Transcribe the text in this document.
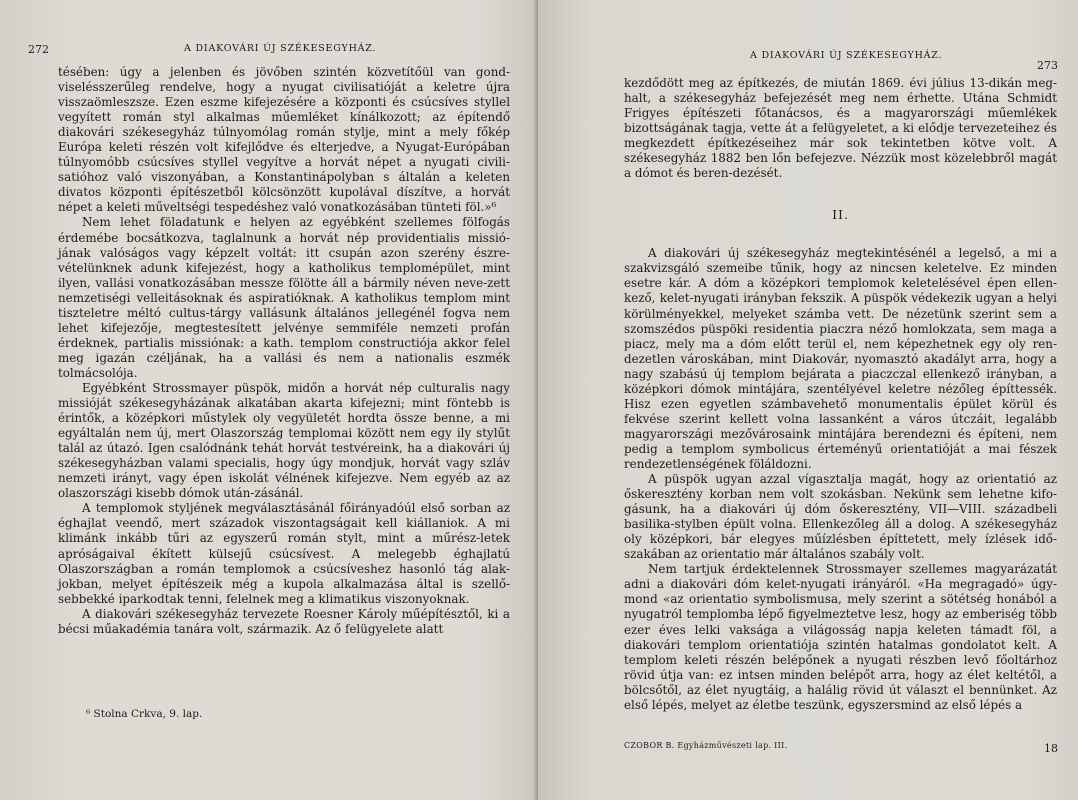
272	A DIAKOVÁRI ÚJ SZÉKESEGYHÁZ.

tésében: úgy a jelenben és jövőben szintén közvetítőül van gond-viselésszerűleg rendelve, hogy a nyugat civilisatióját a keletre újra visszaömleszsze. Ezen eszme kifejezésére a központi és csúcsíves styllel vegyített román styl alkalmas műemléket kínálkozott; az építendő diakovári székesegyház túlnyomólag román stylje, mint a mely főkép Európa keleti részén volt kifejlődve és elterjedve, a Nyugat-Európában túlnyomóbb csúcsíves styllel vegyítve a horvát népet a nyugati civili-satióhoz való viszonyában, a Konstantinápolyban s általán a keleten divatos központi építészetből kölcsönzött kupolával díszítve, a horvát népet a keleti műveltségi tespedéshez való vonatkozásában tünteti föl.»⁶

Nem lehet föladatunk e helyen az egyébként szellemes fölfogás érdemébe bocsátkozva, taglalnunk a horvát nép providentialis missió-jának valóságos vagy képzelt voltát: itt csupán azon szerény észre-vételünknek adunk kifejezést, hogy a katholikus templomépület, mint ilyen, vallási vonatkozásában messze fölötte áll a bármily néven neve-zett nemzetiségi velleitásoknak és aspiratióknak. A katholikus templom mint tiszteletre méltó cultus-tárgy vallásunk általános jellegénél fogva nem lehet kifejezője, megtestesített jelvénye semmiféle nemzeti profán érdeknek, partialis missiónak: a kath. templom constructiója akkor felel meg igazán czéljának, ha a vallási és nem a nationalis eszmék tolmácsolója.

Egyébként Strossmayer püspök, midőn a horvát nép culturalis nagy missióját székesegyházának alkatában akarta kifejezni; mint föntebb is érintők, a középkori műstylek oly vegyületét hordta össze benne, a mi egyáltalán nem új, mert Olaszország templomai között nem egy ily stylűt talál az útazó. Igen csalódnánk tehát horvát testvéreink, ha a diakovári új székesegyházban valami specialis, hogy úgy mondjuk, horvát vagy szláv nemzeti irányt, vagy épen iskolát vélnének kifejezve. Nem egyéb az az olaszországi kisebb dómok után-zásánál.

A templomok styljének megválasztásánál főirányadóúl első sorban az éghajlat veendő, mert századok viszontagságait kell kiállaniok. A mi klimánk inkább tűri az egyszerű román stylt, mint a műrész-letek apróságaival ékített külsejű csúcsívest. A melegebb éghajlatú Olaszországban a román templomok a csúcsíveshez hasonló tág alak-jokban, melyet építészeik még a kupola alkalmazása által is szellő-sebbekké iparkodtak tenni, felelnek meg a klimatikus viszonyoknak.

A diakovári székesegyház tervezete Roesner Károly műépítésztől, ki a bécsi műakadémia tanára volt, származik. Az ő felügyelete alatt

⁶ Stolna Crkva, 9. lap.
A DIAKOVÁRI ÚJ SZÉKESEGYHÁZ.
273

kezdődött meg az építkezés, de miután 1869. évi július 13-dikán meg-halt, a székesegyház befejezését meg nem érhette. Utána Schmidt Frigyes építészeti főtanácsos, és a magyarországi műemlékek bizottságának tagja, vette át a felügyeletet, a ki elődje tervezeteihez és megkezdett építkezéseihez már sok tekintetben kötve volt. A székesegyház 1882 ben lőn befejezve. Nézzük most közelebbről magát a dómot és beren-dezését.

II.

A diakovári új székesegyház megtekintésénél a legelső, a mi a szakvizsgáló szemeibe tűnik, hogy az nincsen keletelve. Ez minden esetre kár. A dóm a középkori templomok keletelésével épen ellen-kező, kelet-nyugati irányban fekszik. A püspök védekezik ugyan a helyi körülményekkel, melyeket számba vett. De nézetünk szerint sem a szomszédos püspöki residentia piaczra néző homlokzata, sem maga a piacz, mely ma a dóm előtt terül el, nem képezhetnek egy oly ren-dezetlen városkában, mint Diakovár, nyomasztó akadályt arra, hogy a nagy szabású új templom bejárata a piaczczal ellenkező irányban, a középkori dómok mintájára, szentélyével keletre nézőleg építtessék. Hisz ezen egyetlen számbavehető monumentalis épület körül és fekvése szerint kellett volna lassanként a város útczáit, legalább magyarországi mezővárosaink mintájára berendezni és építeni, nem pedig a templom symbolicus érteményű orientatióját a mai fészek rendezetlenségének föláldozni.

A püspök ugyan azzal vígasztalja magát, hogy az orientatió az őskeresztény korban nem volt szokásban. Nekünk sem lehetne kifo-gásunk, ha a diakovári új dóm őskeresztény, VII—VIII. századbeli basilika-stylben épült volna. Ellenkezőleg áll a dolog. A székesegyház oly középkori, bár elegyes műízlésben építtetett, mely ízlések idő-szakában az orientatio már általános szabály volt.

Nem tartjuk érdektelennek Strossmayer szellemes magyarázatát adni a diakovári dóm kelet-nyugati irányáról. «Ha megragadó» úgy-mond «az orientatio symbolismusa, mely szerint a sötétség honából a nyugatról templomba lépő figyelmeztetve lesz, hogy az emberiség több ezer éves lelki vaksága a világosság napja keleten támadt föl, a diakovári templom orientatiója szintén hatalmas gondolatot kelt. A templom keleti részén belépőnek a nyugati részben levő főoltárhoz rövid útja van: ez intsen minden belépőt arra, hogy az élet keltétől, a bölcsőtől, az élet nyugtáig, a halálig rövid út választ el bennünket. Az első lépés, melyet az életbe teszünk, egyszersmind az első lépés a

CZOBOR B. Egyházművészeti lap. III.	18
